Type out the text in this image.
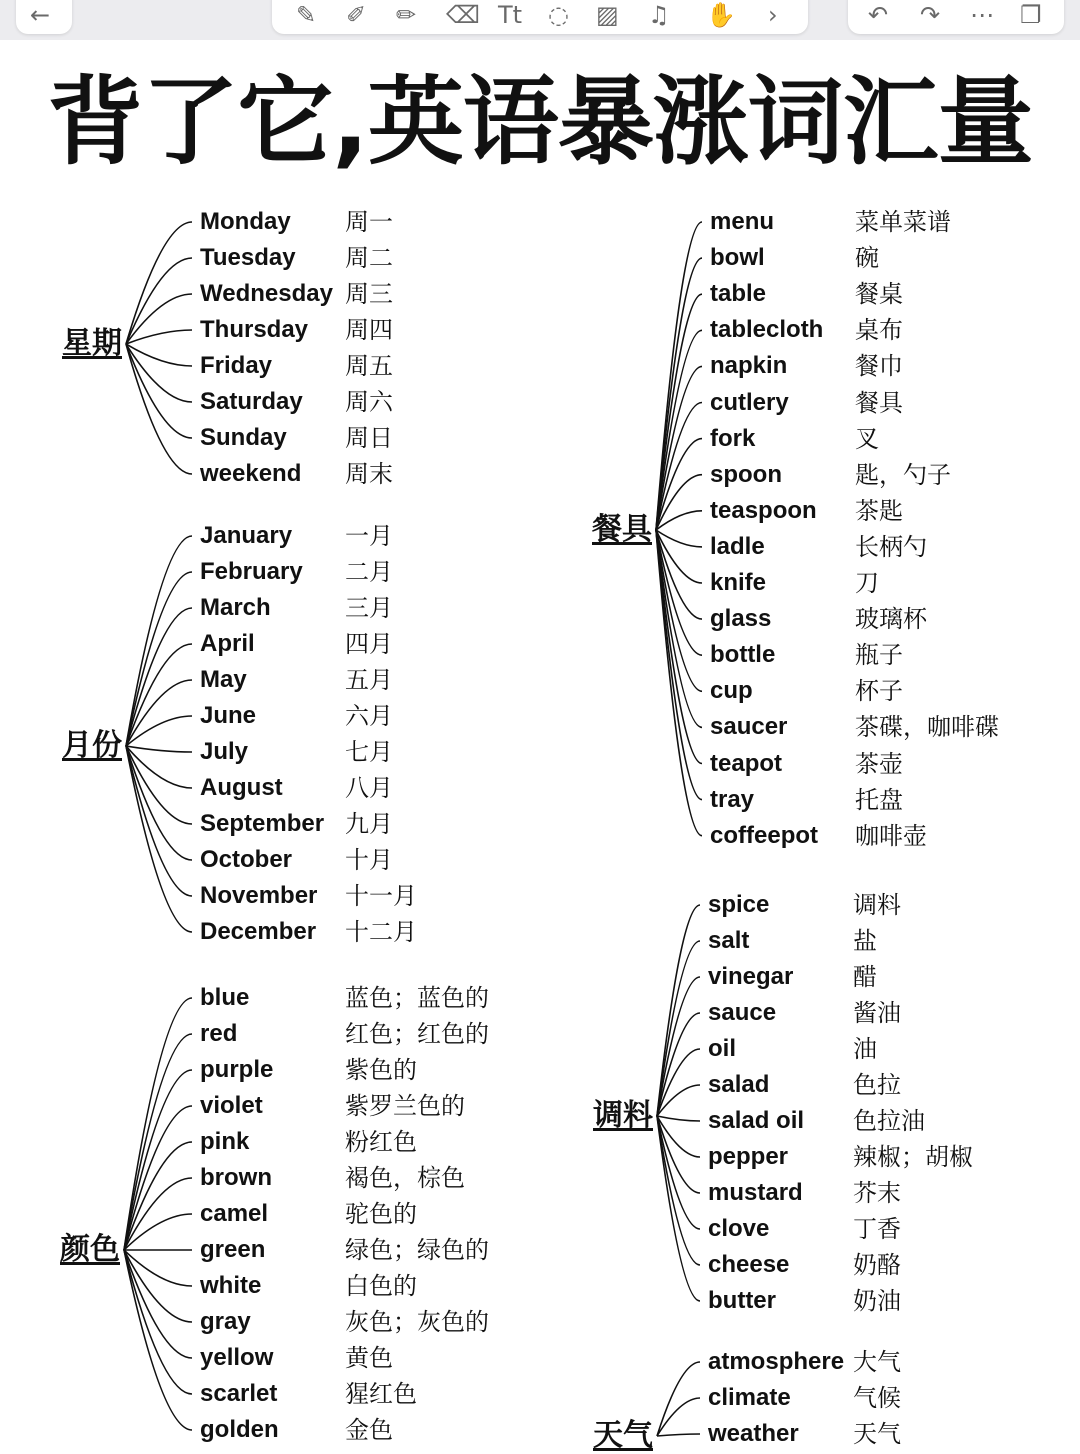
←	✎ ✐ ✏ ⌫ Tt ◌ ▨ ♫ ✋ ›	↶ ↷ ⋯ ❐
背了它,英语暴涨词汇量
星期
Monday 周一
Tuesday 周二
Wednesday 周三
Thursday 周四
Friday	周五
Saturday 周六
Sunday 周日
weekend 周末
月份
January 一月
February 二月
March	三月
April	四月
May	五月
June	六月
July	七月
August	八月
September 九月
October 十月
November 十一月
December 十二月
颜色
blue	蓝色；蓝色的
red	红色；红色的
purple	紫色的
violet	紫罗兰色的
pink	粉红色
brown	褐色，棕色
camel	驼色的
green	绿色；绿色的
white	白色的
gray	灰色；灰色的
yellow	黄色
scarlet	猩红色
golden	金色
餐具
menu	菜单菜谱
bowl	碗
table	餐桌
tablecloth 桌布
napkin	餐巾
cutlery	餐具
fork	叉
spoon	匙，勺子
teaspoon 茶匙
ladle	长柄勺
knife	刀
glass	玻璃杯
bottle	瓶子
cup	杯子
saucer	茶碟，咖啡碟
teapot	茶壶
tray	托盘
coffeepot 咖啡壶
调料
spice	调料
salt	盐
vinegar 醋
sauce	酱油
oil	油
salad	色拉
salad oil 色拉油
pepper	辣椒；胡椒
mustard 芥末
clove	丁香
cheese	奶酪
butter	奶油
天气
atmosphere 大气
climate	气候
weather 天气
